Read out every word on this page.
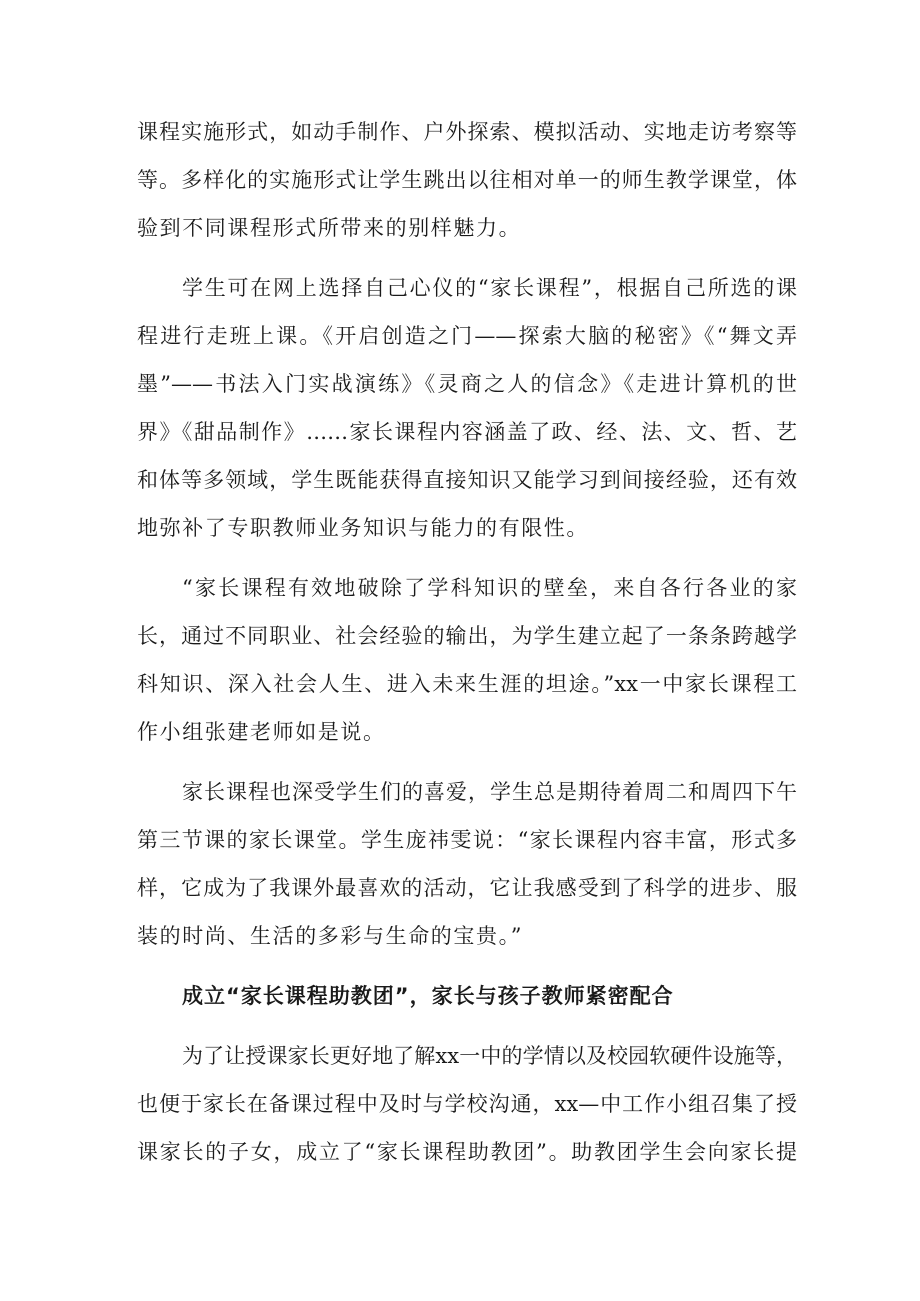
课程实施形式，如动手制作、户外探索、模拟活动、实地走访考察等
等。多样化的实施形式让学生跳出以往相对单一的师生教学课堂，体
验到不同课程形式所带来的别样魅力。
学生可在网上选择自己心仪的“家长课程”，根据自己所选的课
程进行走班上课。《开启创造之门——探索大脑的秘密》《“舞文弄
墨”——书法入门实战演练》《灵商之人的信念》《走进计算机的世
界》《甜品制作》……家长课程内容涵盖了政、经、法、文、哲、艺
和体等多领域，学生既能获得直接知识又能学习到间接经验，还有效
地弥补了专职教师业务知识与能力的有限性。
“家长课程有效地破除了学科知识的壁垒，来自各行各业的家
长，通过不同职业、社会经验的输出，为学生建立起了一条条跨越学
科知识、深入社会人生、进入未来生涯的坦途。”xx一中家长课程工
作小组张建老师如是说。
家长课程也深受学生们的喜爱，学生总是期待着周二和周四下午
第三节课的家长课堂。学生庞祎雯说：“家长课程内容丰富，形式多
样，它成为了我课外最喜欢的活动，它让我感受到了科学的进步、服
装的时尚、生活的多彩与生命的宝贵。”
成立“家长课程助教团”，家长与孩子教师紧密配合
为了让授课家长更好地了解xx一中的学情以及校园软硬件设施等，
也便于家长在备课过程中及时与学校沟通，xx—中工作小组召集了授
课家长的子女，成立了“家长课程助教团”。助教团学生会向家长提
